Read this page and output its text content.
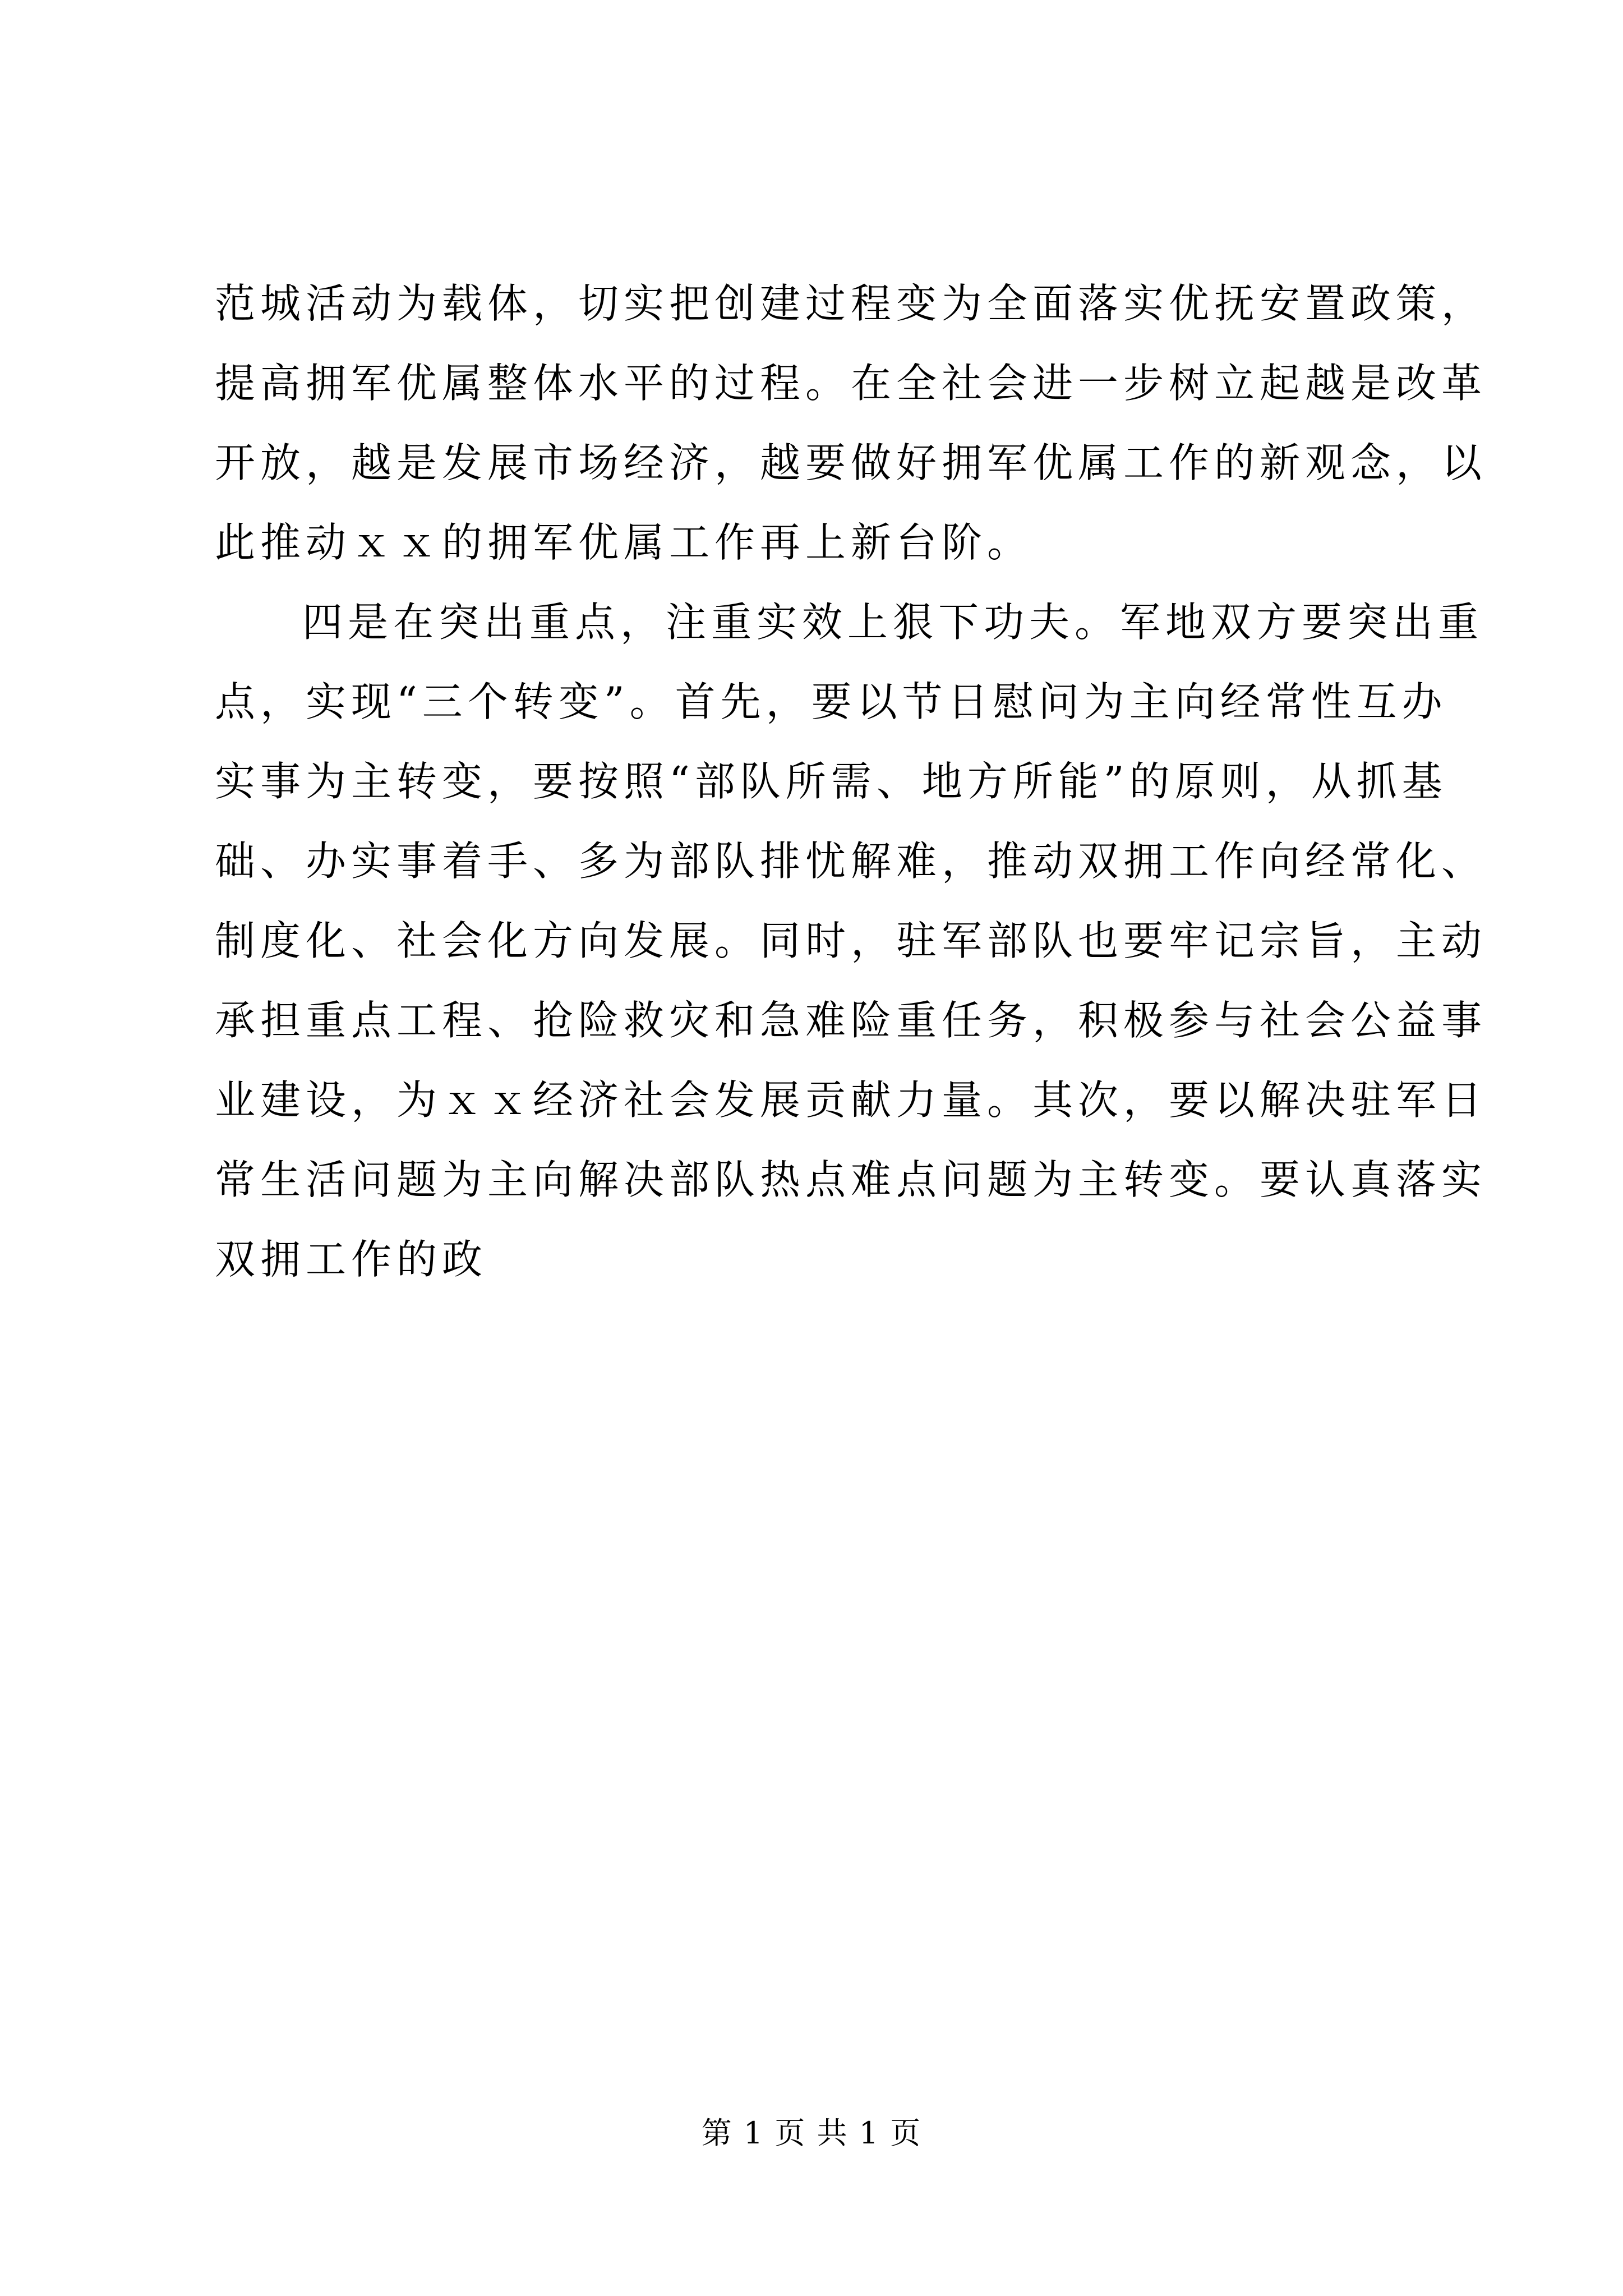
范城活动为载体，切实把创建过程变为全面落实优抚安置政策，
提高拥军优属整体水平的过程。在全社会进一步树立起越是改革
开放，越是发展市场经济，越要做好拥军优属工作的新观念，以
此推动ｘｘ的拥军优属工作再上新台阶。
四是在突出重点，注重实效上狠下功夫。军地双方要突出重
点，实现“三个转变”。首先，要以节日慰问为主向经常性互办
实事为主转变，要按照“部队所需、地方所能”的原则，从抓基
础、办实事着手、多为部队排忧解难，推动双拥工作向经常化、
制度化、社会化方向发展。同时，驻军部队也要牢记宗旨，主动
承担重点工程、抢险救灾和急难险重任务，积极参与社会公益事
业建设，为ｘｘ经济社会发展贡献力量。其次，要以解决驻军日
常生活问题为主向解决部队热点难点问题为主转变。要认真落实
双拥工作的政
第 1 页 共 1 页
